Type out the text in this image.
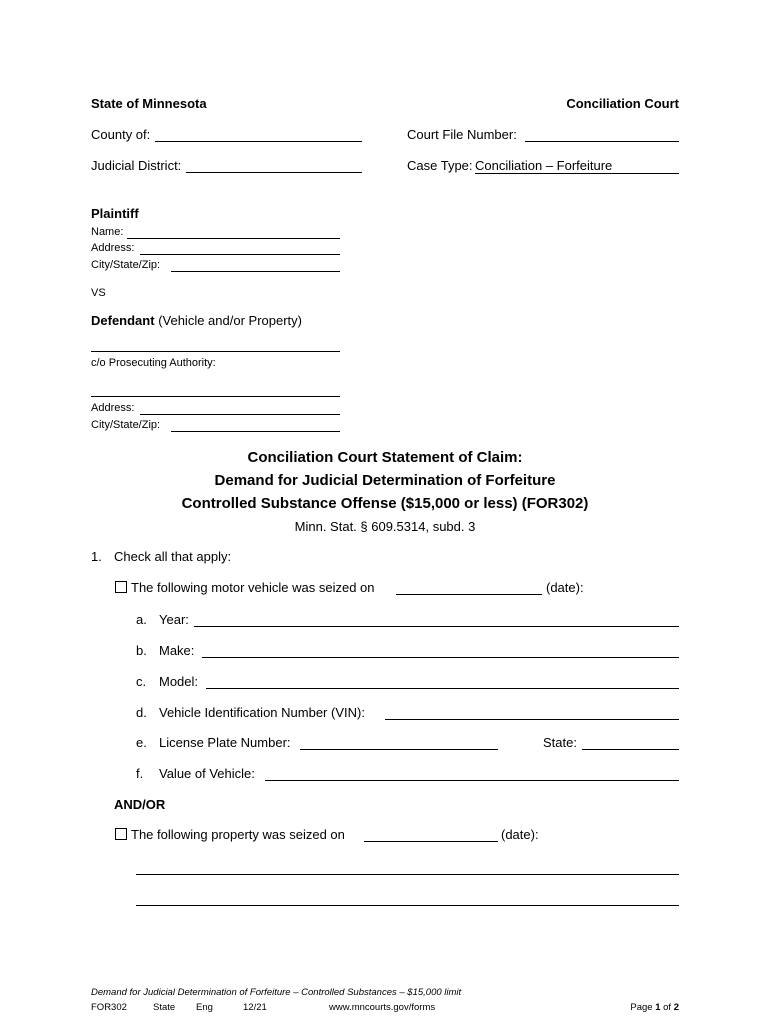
State of Minnesota	Conciliation Court
County of:	Court File Number:
Judicial District:	Case Type: Conciliation – Forfeiture
Plaintiff
Name:
Address:
City/State/Zip:
VS
Defendant (Vehicle and/or Property)
c/o Prosecuting Authority:
Address:
City/State/Zip:
Conciliation Court Statement of Claim:
Demand for Judicial Determination of Forfeiture
Controlled Substance Offense ($15,000 or less) (FOR302)
Minn. Stat. § 609.5314, subd. 3
1. Check all that apply:
The following motor vehicle was seized on	(date):
a. Year:
b. Make:
c. Model:
d. Vehicle Identification Number (VIN):
e. License Plate Number:	State:
f. Value of Vehicle:
AND/OR
The following property was seized on	(date):
Demand for Judicial Determination of Forfeiture – Controlled Substances – $15,000 limit
FOR302	State Eng	12/21	www.mncourts.gov/forms	Page 1 of 2
